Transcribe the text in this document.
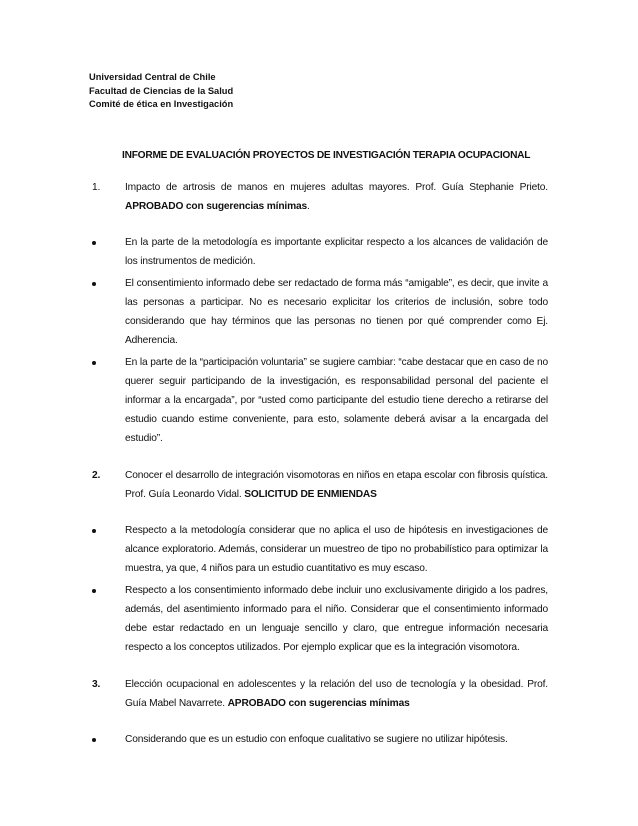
Universidad Central de Chile
Facultad de Ciencias de la Salud
Comité de ética en Investigación
INFORME DE EVALUACIÓN PROYECTOS DE INVESTIGACIÓN TERAPIA OCUPACIONAL
1.	Impacto de artrosis de manos en mujeres adultas mayores. Prof. Guía Stephanie Prieto. APROBADO con sugerencias mínimas.
En la parte de la metodología es importante explicitar respecto a los alcances de validación de los instrumentos de medición.
El consentimiento informado debe ser redactado de forma más “amigable”, es decir, que invite a las personas a participar. No es necesario explicitar los criterios de inclusión, sobre todo considerando que hay términos que las personas no tienen por qué comprender como Ej. Adherencia.
En la parte de la “participación voluntaria” se sugiere cambiar: “cabe destacar que en caso de no querer seguir participando de la investigación, es responsabilidad personal del paciente el informar a la encargada”, por “usted como participante del estudio tiene derecho a retirarse del estudio cuando estime conveniente, para esto, solamente deberá avisar a la encargada del estudio”.
2.	Conocer el desarrollo de integración visomotoras en niños en etapa escolar con fibrosis quística. Prof. Guía Leonardo Vidal. SOLICITUD DE ENMIENDAS
Respecto a la metodología considerar que no aplica el uso de hipótesis en investigaciones de alcance exploratorio. Además, considerar un muestreo de tipo no probabilístico para optimizar la muestra, ya que, 4 niños para un estudio cuantitativo es muy escaso.
Respecto a los consentimiento informado debe incluir uno exclusivamente dirigido a los padres, además, del asentimiento informado para el niño. Considerar que el consentimiento informado debe estar redactado en un lenguaje sencillo y claro, que entregue información necesaria respecto a los conceptos utilizados. Por ejemplo explicar que es la integración visomotora.
3.	Elección ocupacional en adolescentes y la relación del uso de tecnología y la obesidad. Prof. Guía Mabel Navarrete. APROBADO con sugerencias mínimas
Considerando que es un estudio con enfoque cualitativo se sugiere no utilizar hipótesis.
